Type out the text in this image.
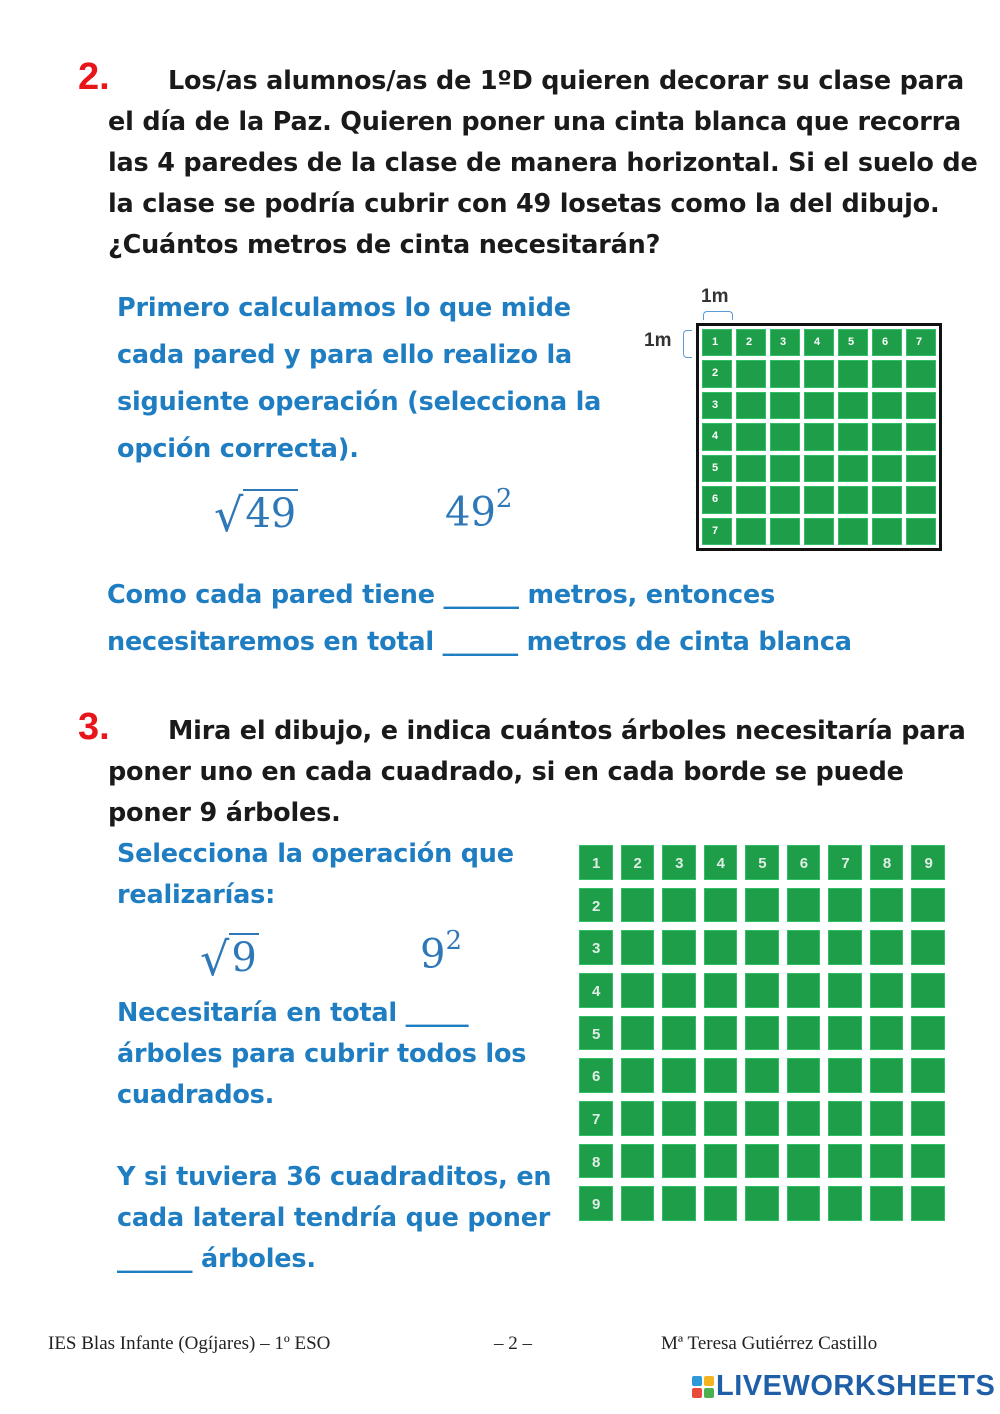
2. Los/as alumnos/as de 1ºD quieren decorar su clase para
el día de la Paz. Quieren poner una cinta blanca que recorra
las 4 paredes de la clase de manera horizontal. Si el suelo de
la clase se podría cubrir con 49 losetas como la del dibujo.
¿Cuántos metros de cinta necesitarán?
Primero calculamos lo que mide
cada pared y para ello realizo la
siguiente operación (selecciona la
opción correcta).
√49	$49^2$
1m
1m	1	2	3	4	5	6	7
2
3
4
5
6
7
Como cada pared tiene ______ metros, entonces
necesitaremos en total ______ metros de cinta blanca
3. Mira el dibujo, e indica cuántos árboles necesitaría para
poner uno en cada cuadrado, si en cada borde se puede
poner 9 árboles.
Selecciona la operación que
realizarías:
√9	$9^2$
Necesitaría en total _____
árboles para cubrir todos los
cuadrados.
Y si tuviera 36 cuadraditos, en
cada lateral tendría que poner
______ árboles.
1 2 3 4 5 6 7 8 9
2
3
4
5
6
7
8
9
IES Blas Infante (Ogíjares) – 1º ESO	– 2 –	Mª Teresa Gutiérrez Castillo
LIVEWORKSHEETS
